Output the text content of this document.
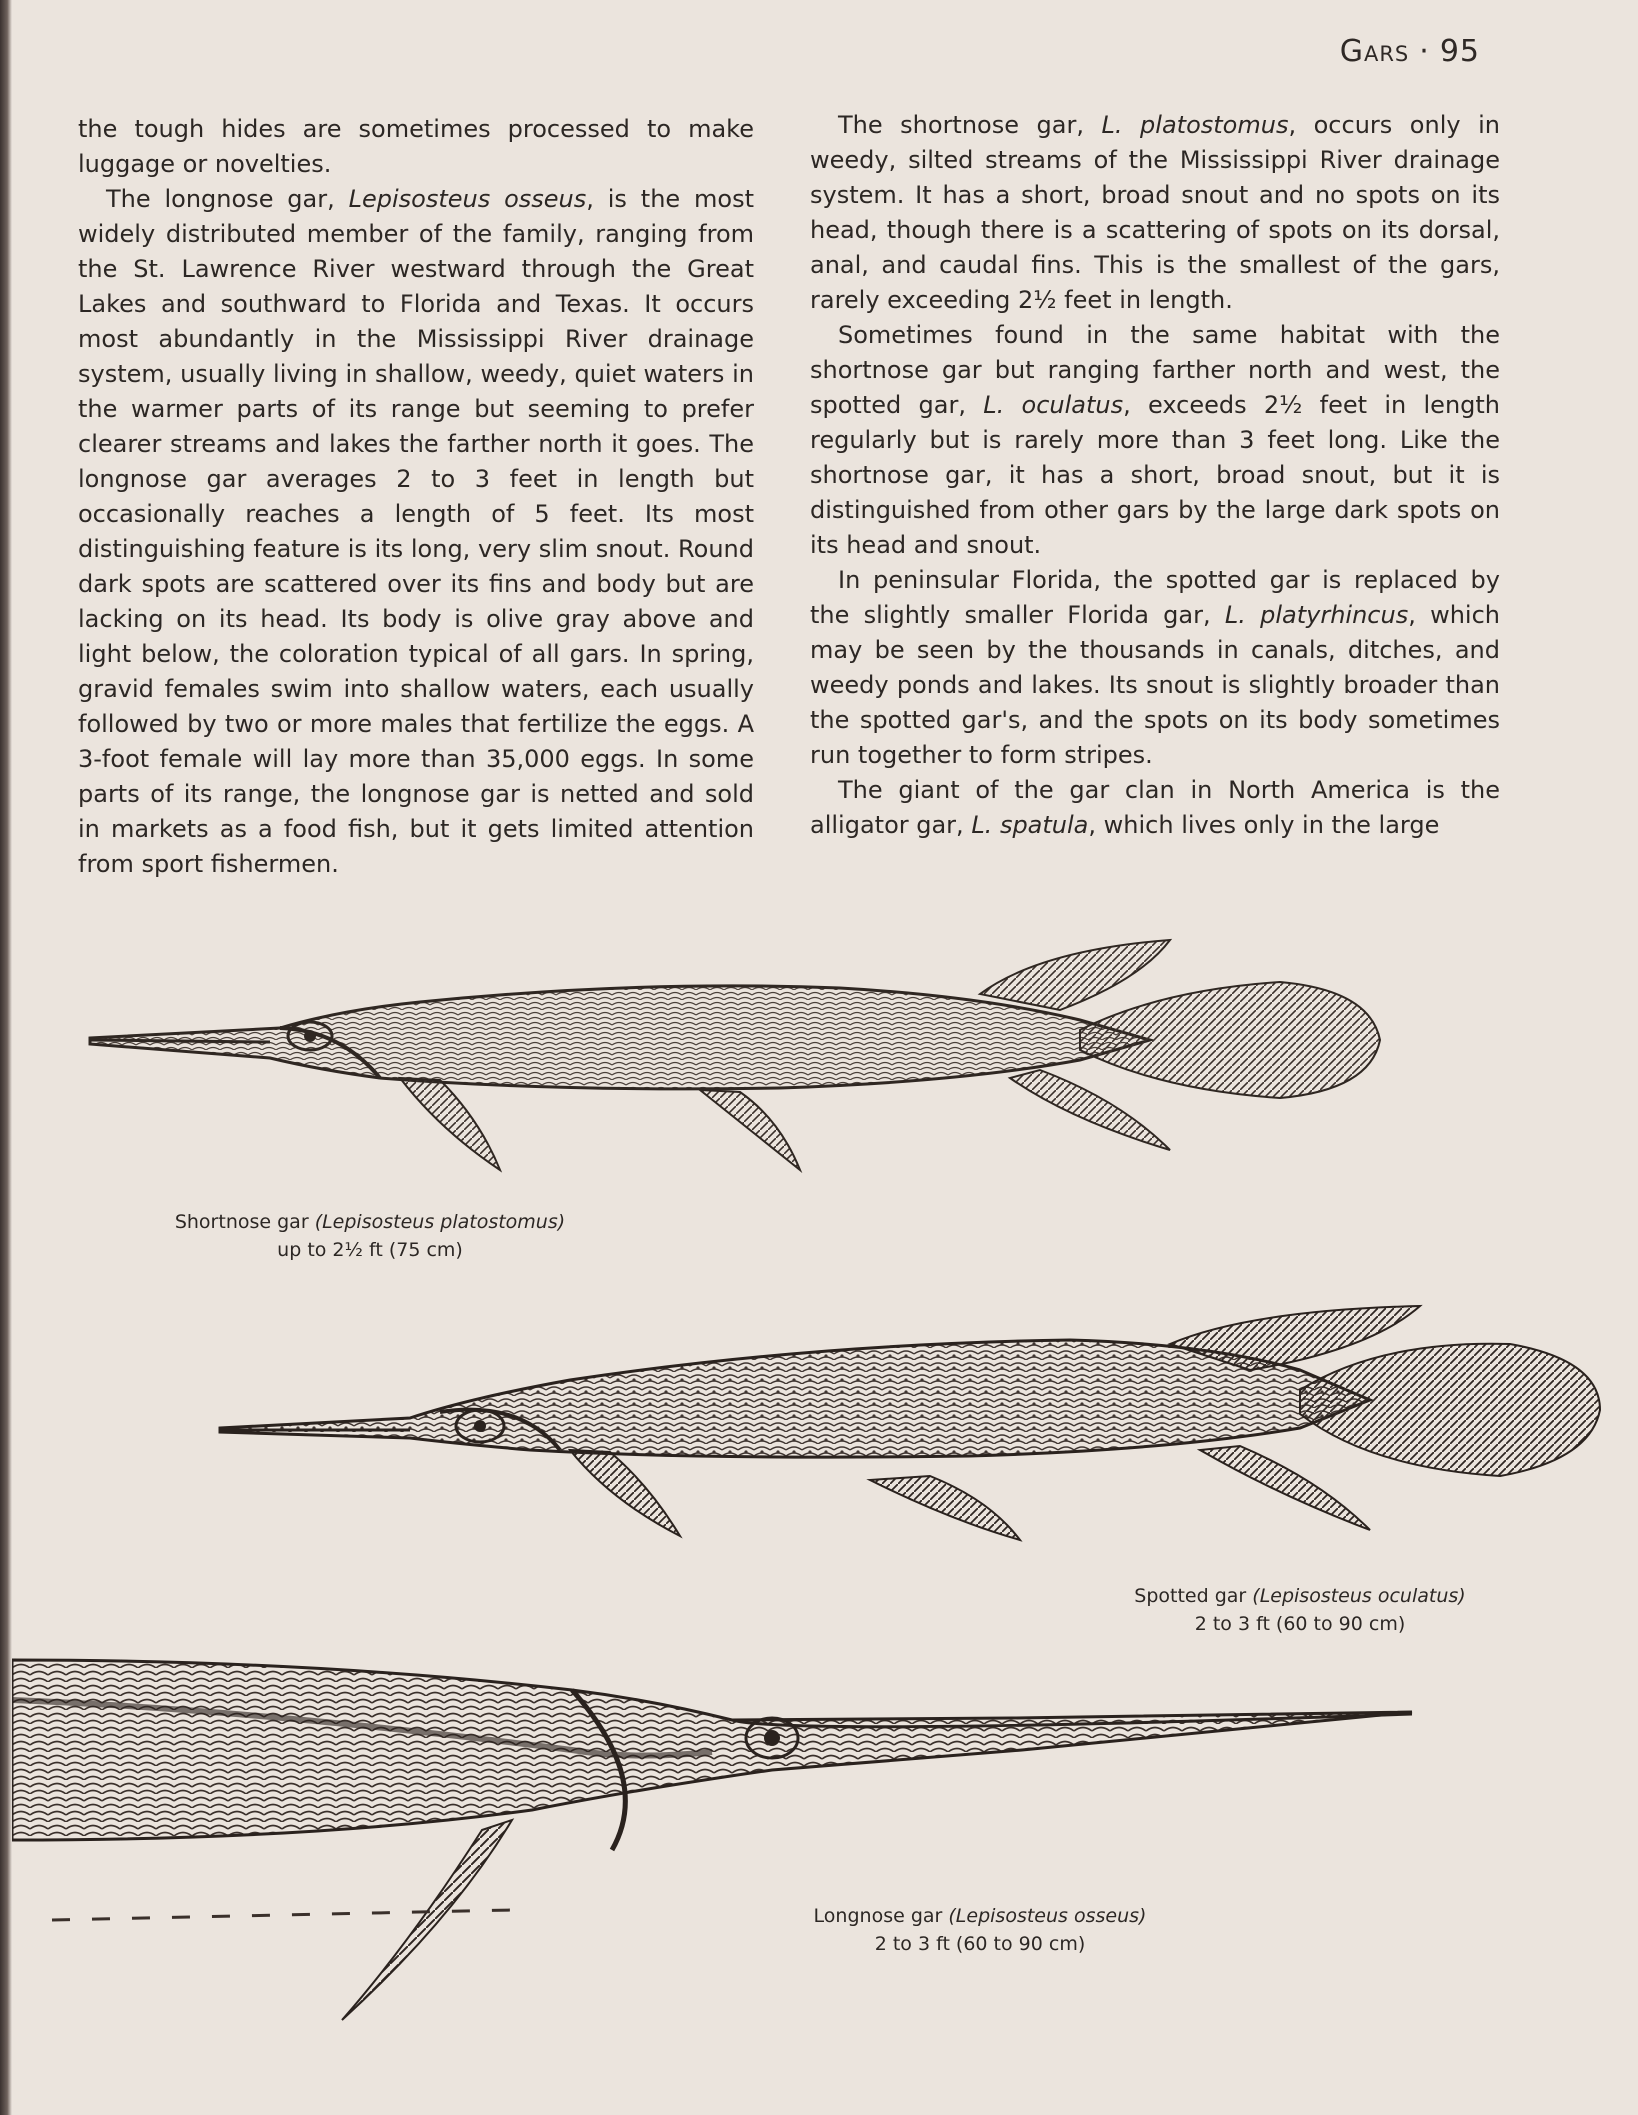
Gars · 95

the tough hides are sometimes processed to make luggage or novelties.

The longnose gar, Lepisosteus osseus, is the most widely distributed member of the family, ranging from the St. Lawrence River westward through the Great Lakes and southward to Florida and Texas. It occurs most abundantly in the Mississippi River drainage system, usually living in shallow, weedy, quiet waters in the warmer parts of its range but seeming to prefer clearer streams and lakes the farther north it goes. The longnose gar averages 2 to 3 feet in length but occasionally reaches a length of 5 feet. Its most distinguishing feature is its long, very slim snout. Round dark spots are scattered over its fins and body but are lacking on its head. Its body is olive gray above and light below, the coloration typical of all gars. In spring, gravid females swim into shallow waters, each usually followed by two or more males that fertilize the eggs. A 3-foot female will lay more than 35,000 eggs. In some parts of its range, the longnose gar is netted and sold in markets as a food fish, but it gets limited attention from sport fishermen.

The shortnose gar, L. platostomus, occurs only in weedy, silted streams of the Mississippi River drainage system. It has a short, broad snout and no spots on its head, though there is a scattering of spots on its dorsal, anal, and caudal fins. This is the smallest of the gars, rarely exceeding 2½ feet in length.

Sometimes found in the same habitat with the shortnose gar but ranging farther north and west, the spotted gar, L. oculatus, exceeds 2½ feet in length regularly but is rarely more than 3 feet long. Like the shortnose gar, it has a short, broad snout, but it is distinguished from other gars by the large dark spots on its head and snout.

In peninsular Florida, the spotted gar is replaced by the slightly smaller Florida gar, L. platyrhincus, which may be seen by the thousands in canals, ditches, and weedy ponds and lakes. Its snout is slightly broader than the spotted gar's, and the spots on its body sometimes run together to form stripes.

The giant of the gar clan in North America is the alligator gar, L. spatula, which lives only in the large

Shortnose gar (Lepisosteus platostomus)
up to 2½ ft (75 cm)
Spotted gar (Lepisosteus oculatus)
2 to 3 ft (60 to 90 cm)
Longnose gar (Lepisosteus osseus)
2 to 3 ft (60 to 90 cm)
